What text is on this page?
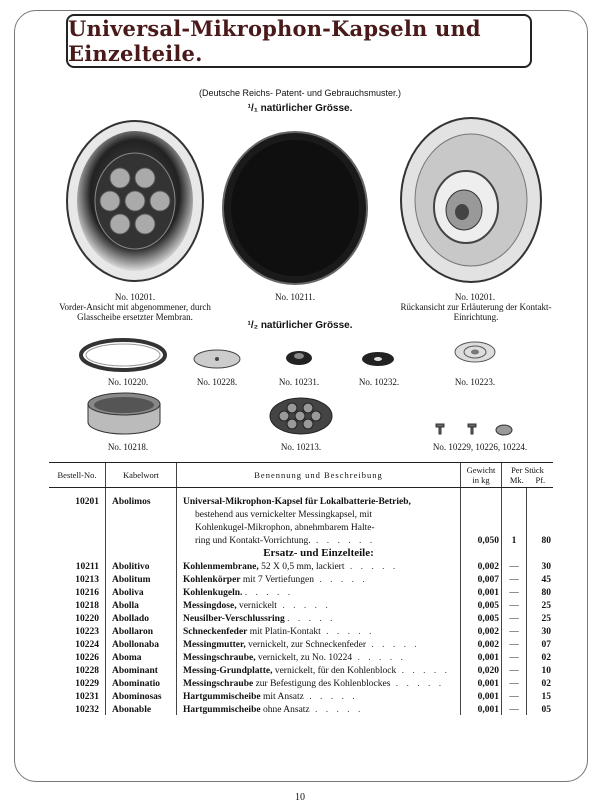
Universal-Mikrophon-Kapseln und Einzelteile.
(Deutsche Reichs- Patent- und Gebrauchsmuster.)
¹/₁ natürlicher Grösse.
No. 10201.
Vorder-Ansicht mit abgenommener, durch Glasscheibe ersetzter Membran.
No. 10211.	No. 10201.
Rückansicht zur Erläuterung der Kontakt-Einrichtung.
¹/₂ natürlicher Grösse.
No. 10220.	No. 10228.	No. 10231.	No. 10232.	No. 10223.
No. 10218.	No. 10213.	No. 10229, 10226, 10224.
Bestell-No.	Kabelwort	Benennung und Beschreibung	Gewicht in kg	Per Stück
Mk. Pf.	

10201	Abolimos	Universal-Mikrophon-Kapsel für Lokalbatterie-Betrieb,			
		bestehend aus vernickelter Messingkapsel, mit			
		Kohlenkugel-Mikrophon, abnehmbarem Halte-			
		ring und Kontakt-Vorrichtung. . . . . . .	0,050	1	80
		Ersatz- und Einzelteile:			
10211	Abolitivo	Kohlenmembrane, 52 X 0,5 mm, lackiert . . . . .	0,002	—	30
10213	Abolitum	Kohlenkörper mit 7 Vertiefungen . . . . .	0,007	—	45
10216	Aboliva	Kohlenkugeln. . . . . .	0,001	—	80
10218	Abolla	Messingdose, vernickelt . . . . .	0,005	—	25
10220	Abollado	Neusilber-Verschlussring . . . . .	0,005	—	25
10223	Abollaron	Schneckenfeder mit Platin-Kontakt . . . . .	0,002	—	30
10224	Abollonaba	Messingmutter, vernickelt, zur Schneckenfeder . . . . .	0,002	—	07
10226	Aboma	Messingschraube, vernickelt, zu No. 10224 . . . . .	0,001	—	02
10228	Abominant	Messing-Grundplatte, vernickelt, für den Kohlenblock . . . . .	0,020	—	10
10229	Abominatio	Messingschraube zur Befestigung des Kohlenblockes . . . . .	0,001	—	02
10231	Abominosas	Hartgummischeibe mit Ansatz . . . . .	0,001	—	15
10232	Abonable	Hartgummischeibe ohne Ansatz . . . . .	0,001	—	05
10
